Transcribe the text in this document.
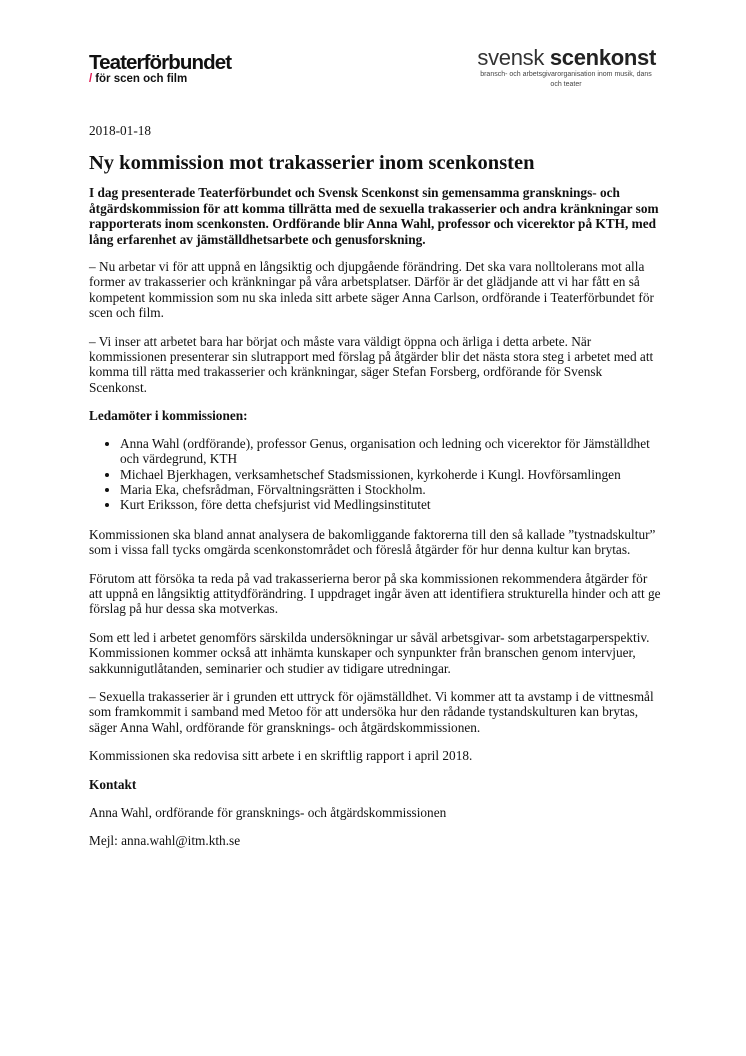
Teaterförbundet
/ för scen och film
svensk scenkonst
bransch- och arbetsgivarorganisation inom musik, dans och teater
2018-01-18
Ny kommission mot trakasserier inom scenkonsten
I dag presenterade Teaterförbundet och Svensk Scenkonst sin gemensamma gransknings- och åtgärdskommission för att komma tillrätta med de sexuella trakasserier och andra kränkningar som rapporterats inom scenkonsten. Ordförande blir Anna Wahl, professor och vicerektor på KTH, med lång erfarenhet av jämställdhetsarbete och genusforskning.

– Nu arbetar vi för att uppnå en långsiktig och djupgående förändring. Det ska vara nolltolerans mot alla former av trakasserier och kränkningar på våra arbetsplatser. Därför är det glädjande att vi har fått en så kompetent kommission som nu ska inleda sitt arbete säger Anna Carlson, ordförande i Teaterförbundet för scen och film.

– Vi inser att arbetet bara har börjat och måste vara väldigt öppna och ärliga i detta arbete. När kommissionen presenterar sin slutrapport med förslag på åtgärder blir det nästa stora steg i arbetet med att komma till rätta med trakasserier och kränkningar, säger Stefan Forsberg, ordförande för Svensk Scenkonst.

Ledamöter i kommissionen:
• Anna Wahl (ordförande), professor Genus, organisation och ledning och vicerektor för Jämställdhet och värdegrund, KTH
• Michael Bjerkhagen, verksamhetschef Stadsmissionen, kyrkoherde i Kungl. Hovförsamlingen
• Maria Eka, chefsrådman, Förvaltningsrätten i Stockholm.
• Kurt Eriksson, före detta chefsjurist vid Medlingsinstitutet

Kommissionen ska bland annat analysera de bakomliggande faktorerna till den så kallade ”tystnadskultur” som i vissa fall tycks omgärda scenkonstområdet och föreslå åtgärder för hur denna kultur kan brytas.

Förutom att försöka ta reda på vad trakasserierna beror på ska kommissionen rekommendera åtgärder för att uppnå en långsiktig attitydförändring. I uppdraget ingår även att identifiera strukturella hinder och att ge förslag på hur dessa ska motverkas.

Som ett led i arbetet genomförs särskilda undersökningar ur såväl arbetsgivar- som arbetstagarperspektiv. Kommissionen kommer också att inhämta kunskaper och synpunkter från branschen genom intervjuer, sakkunnigutlåtanden, seminarier och studier av tidigare utredningar.

– Sexuella trakasserier är i grunden ett uttryck för ojämställdhet. Vi kommer att ta avstamp i de vittnesmål som framkommit i samband med Metoo för att undersöka hur den rådande tystandskulturen kan brytas, säger Anna Wahl, ordförande för gransknings- och åtgärdskommissionen.

Kommissionen ska redovisa sitt arbete i en skriftlig rapport i april 2018.

Kontakt

Anna Wahl, ordförande för gransknings- och åtgärdskommissionen

Mejl: anna.wahl@itm.kth.se
